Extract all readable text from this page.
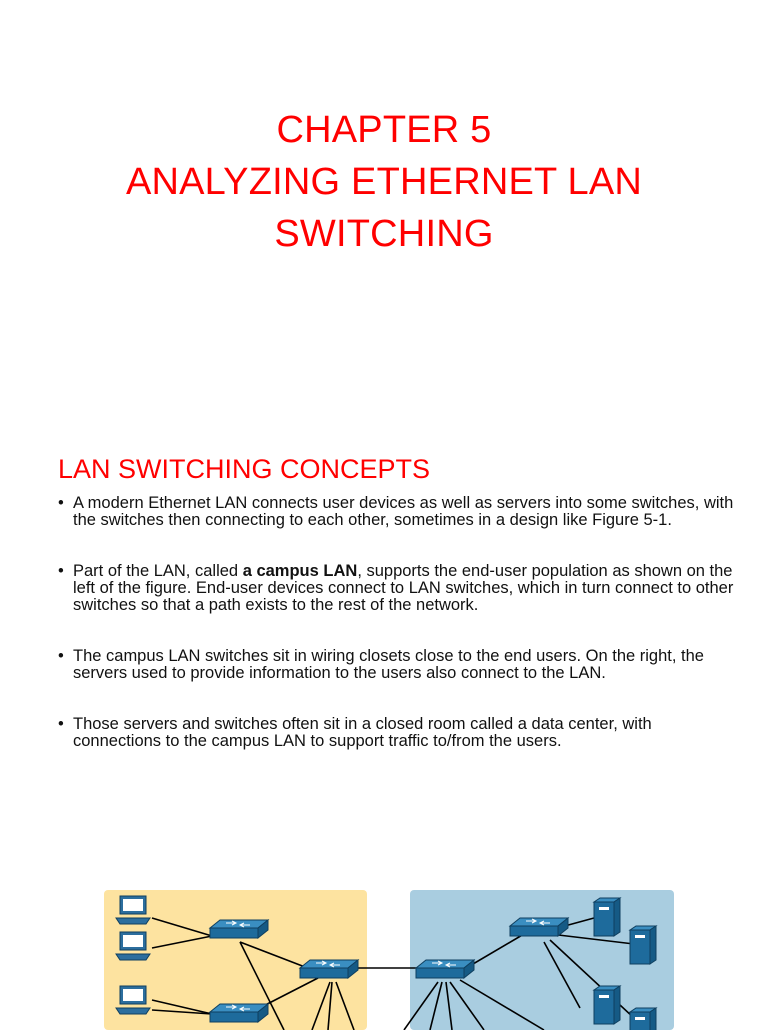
CHAPTER 5
ANALYZING ETHERNET LAN
SWITCHING
LAN SWITCHING CONCEPTS
• A modern Ethernet LAN connects user devices as well as servers into some switches, with the switches then connecting to each other, sometimes in a design like Figure 5-1.
• Part of the LAN, called a campus LAN, supports the end-user population as shown on the left of the figure. End-user devices connect to LAN switches, which in turn connect to other switches so that a path exists to the rest of the network.
• The campus LAN switches sit in wiring closets close to the end users. On the right, the servers used to provide information to the users also connect to the LAN.
• Those servers and switches often sit in a closed room called a data center, with connections to the campus LAN to support traffic to/from the users.
